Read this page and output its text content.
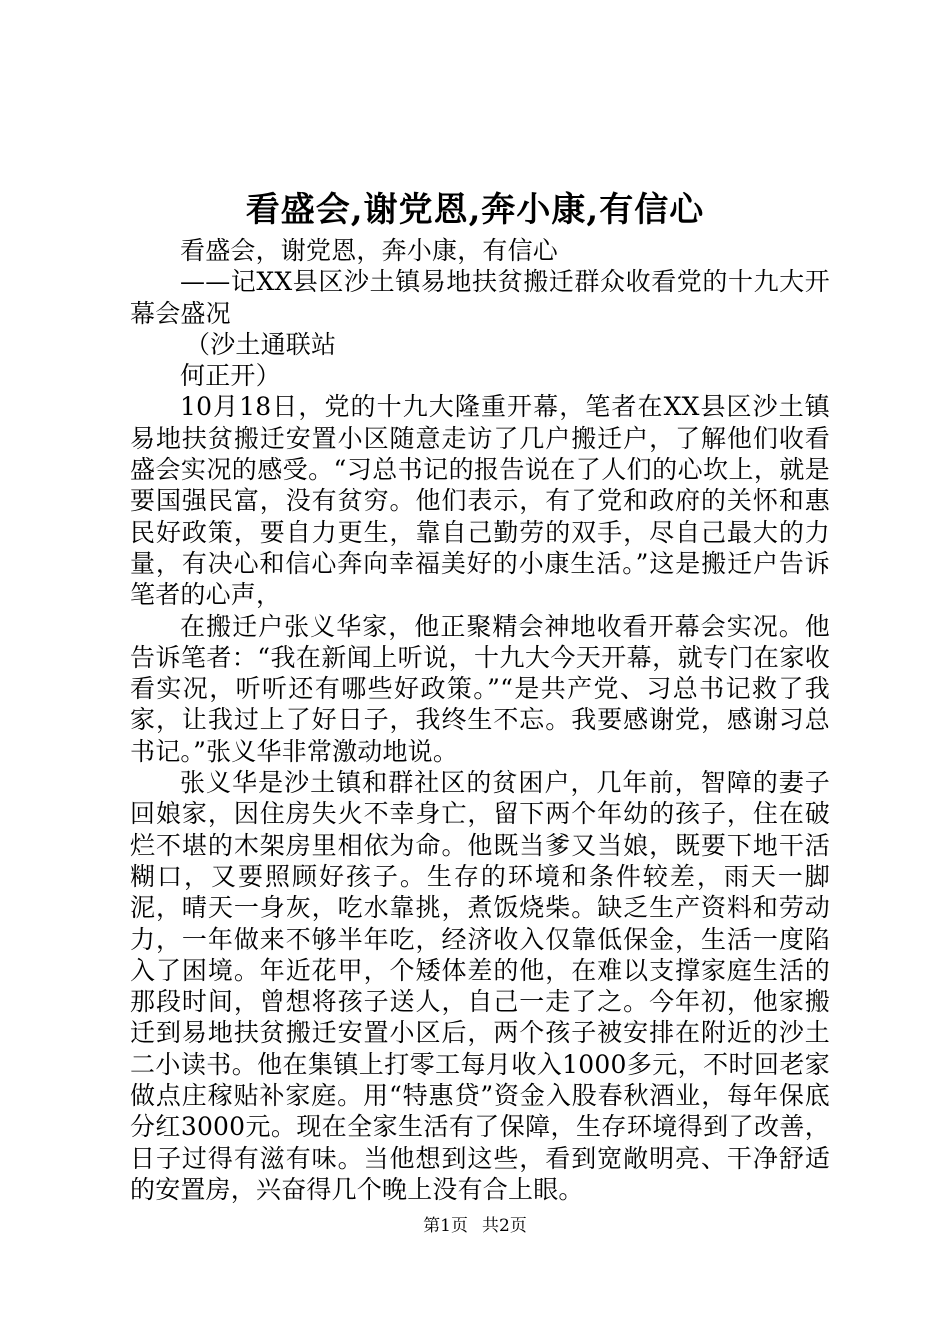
看盛会,谢党恩,奔小康,有信心

看盛会，谢党恩，奔小康，有信心

——记XX县区沙土镇易地扶贫搬迁群众收看党的十九大开幕会盛况

（沙土通联站

何正开）

10月18日，党的十九大隆重开幕，笔者在XX县区沙土镇易地扶贫搬迁安置小区随意走访了几户搬迁户，了解他们收看盛会实况的感受。“习总书记的报告说在了人们的心坎上，就是要国强民富，没有贫穷。他们表示，有了党和政府的关怀和惠民好政策，要自力更生，靠自己勤劳的双手，尽自己最大的力量，有决心和信心奔向幸福美好的小康生活。”这是搬迁户告诉笔者的心声，

在搬迁户张义华家，他正聚精会神地收看开幕会实况。他告诉笔者：“我在新闻上听说，十九大今天开幕，就专门在家收看实况，听听还有哪些好政策。”“是共产党、习总书记救了我家，让我过上了好日子，我终生不忘。我要感谢党，感谢习总书记。”张义华非常激动地说。

张义华是沙土镇和群社区的贫困户，几年前，智障的妻子回娘家，因住房失火不幸身亡，留下两个年幼的孩子，住在破烂不堪的木架房里相依为命。他既当爹又当娘，既要下地干活糊口，又要照顾好孩子。生存的环境和条件较差，雨天一脚泥，晴天一身灰，吃水靠挑，煮饭烧柴。缺乏生产资料和劳动力，一年做来不够半年吃，经济收入仅靠低保金，生活一度陷入了困境。年近花甲，个矮体差的他，在难以支撑家庭生活的那段时间，曾想将孩子送人，自己一走了之。今年初，他家搬迁到易地扶贫搬迁安置小区后，两个孩子被安排在附近的沙土二小读书。他在集镇上打零工每月收入1000多元，不时回老家做点庄稼贴补家庭。用“特惠贷”资金入股春秋酒业，每年保底分红3000元。现在全家生活有了保障，生存环境得到了改善，日子过得有滋有味。当他想到这些，看到宽敞明亮、干净舒适的安置房，兴奋得几个晚上没有合上眼。

第1页 共2页
